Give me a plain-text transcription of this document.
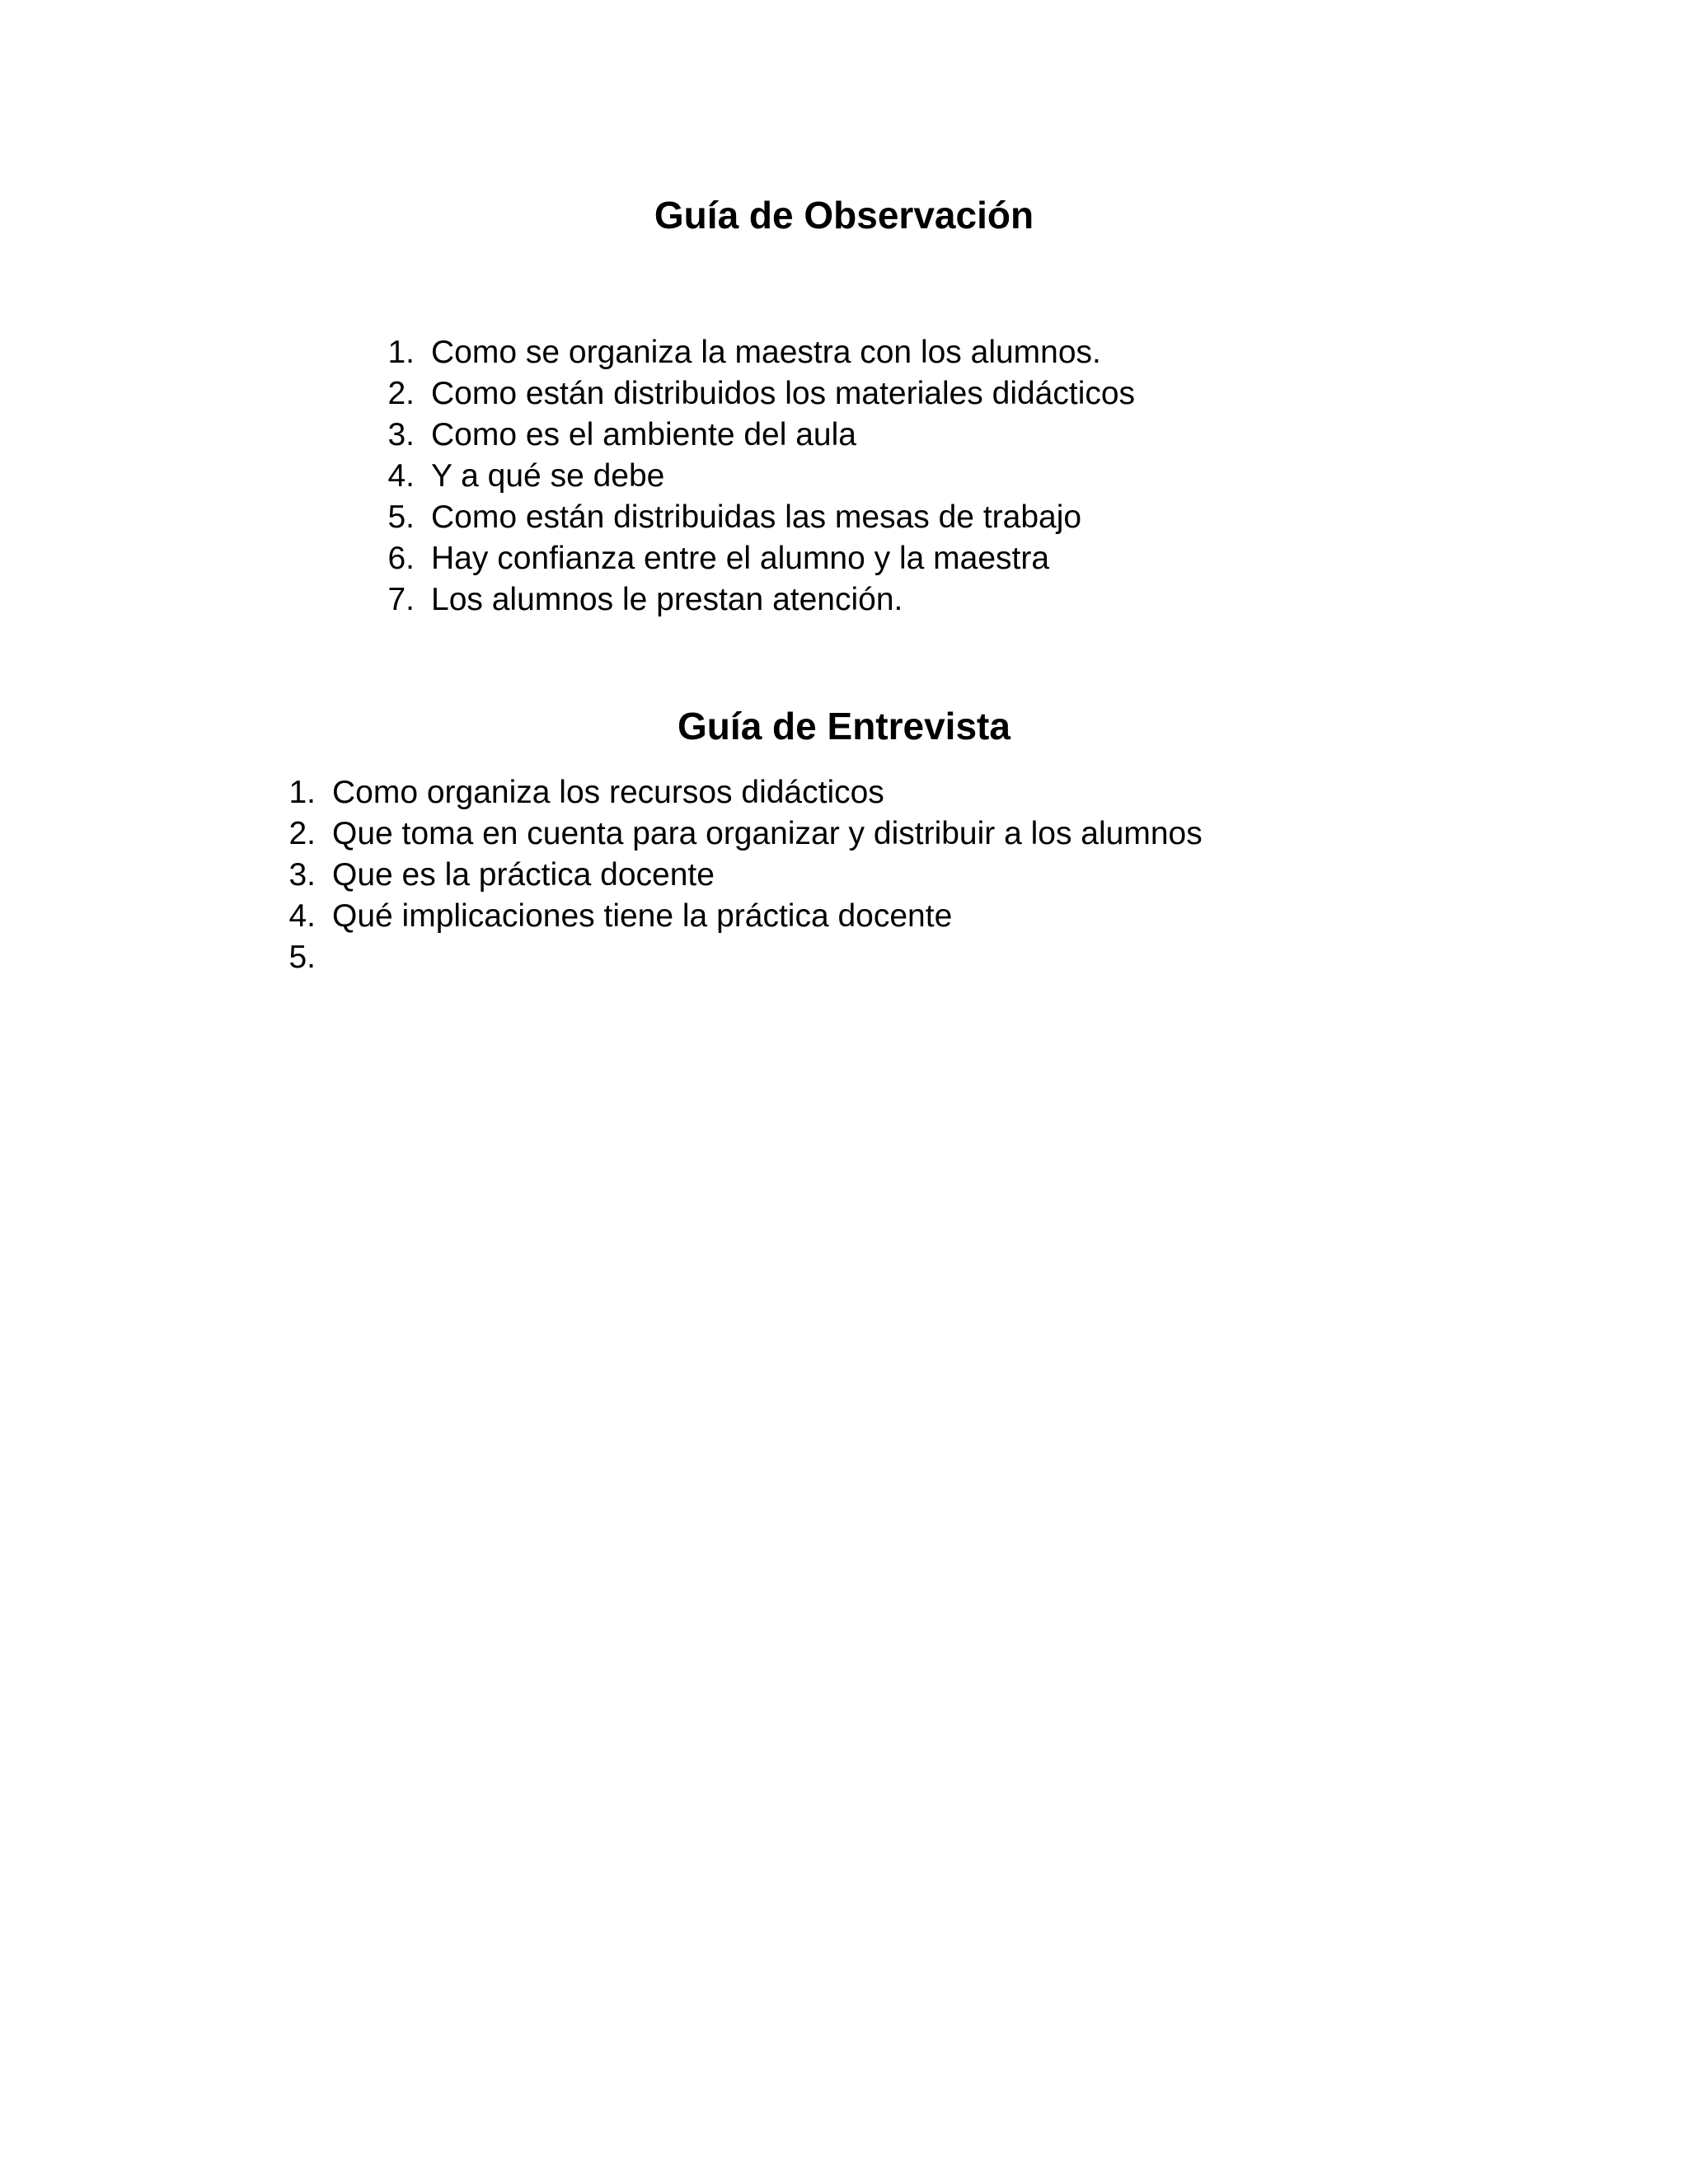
Guía de Observación
1. Como se organiza la maestra con los alumnos.
2. Como están distribuidos los materiales didácticos
3. Como es el ambiente del aula
4. Y a qué se debe
5. Como están distribuidas las mesas de trabajo
6. Hay confianza entre el alumno y la maestra
7. Los alumnos le prestan atención.
Guía de Entrevista
1. Como organiza los recursos didácticos
2. Que toma en cuenta para organizar y distribuir a los alumnos
3. Que es la práctica docente
4. Qué implicaciones tiene la práctica docente
5.
